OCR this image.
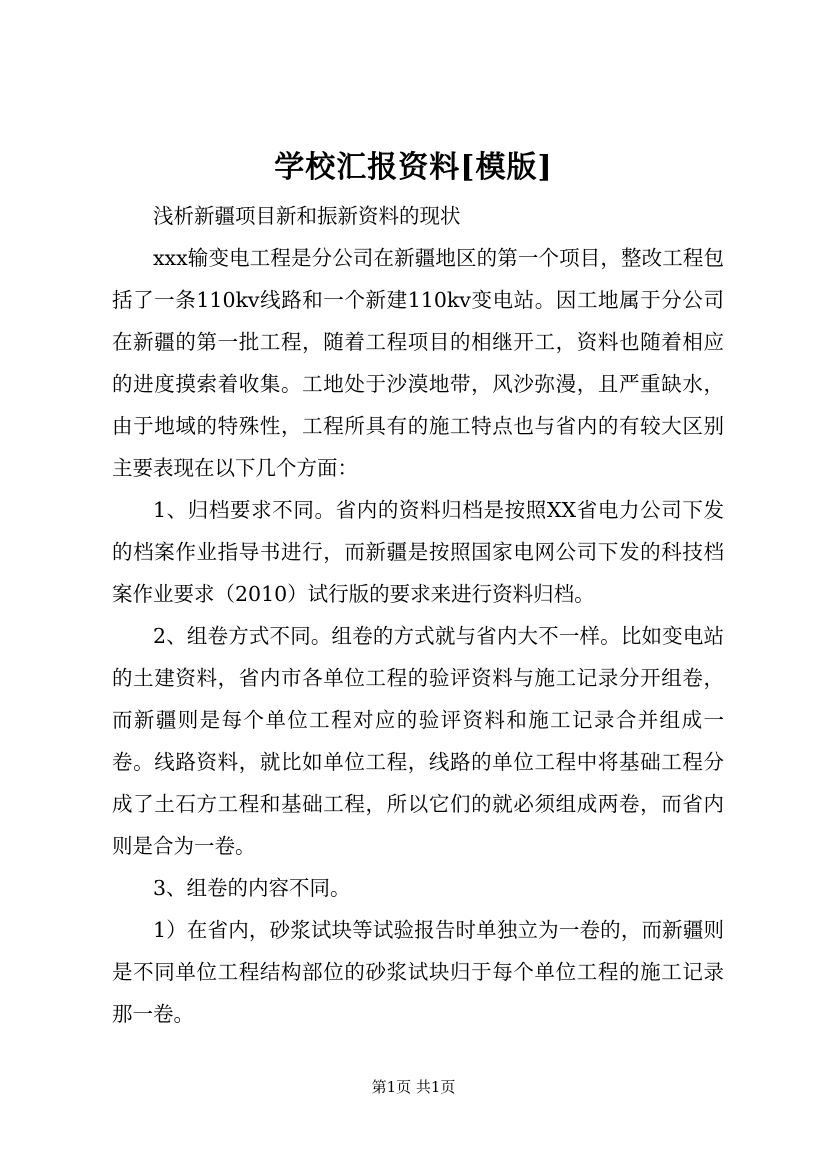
学校汇报资料[模版]

浅析新疆项目新和振新资料的现状

xxx输变电工程是分公司在新疆地区的第一个项目，整改工程包括了一条110kv线路和一个新建110kv变电站。因工地属于分公司在新疆的第一批工程，随着工程项目的相继开工，资料也随着相应的进度摸索着收集。工地处于沙漠地带，风沙弥漫，且严重缺水，由于地域的特殊性，工程所具有的施工特点也与省内的有较大区别主要表现在以下几个方面：

1、归档要求不同。省内的资料归档是按照XX省电力公司下发的档案作业指导书进行，而新疆是按照国家电网公司下发的科技档案作业要求（2010）试行版的要求来进行资料归档。

2、组卷方式不同。组卷的方式就与省内大不一样。比如变电站的土建资料，省内市各单位工程的验评资料与施工记录分开组卷，而新疆则是每个单位工程对应的验评资料和施工记录合并组成一卷。线路资料，就比如单位工程，线路的单位工程中将基础工程分成了土石方工程和基础工程，所以它们的就必须组成两卷，而省内则是合为一卷。

3、组卷的内容不同。

1）在省内，砂浆试块等试验报告时单独立为一卷的，而新疆则是不同单位工程结构部位的砂浆试块归于每个单位工程的施工记录那一卷。

第1页 共1页
